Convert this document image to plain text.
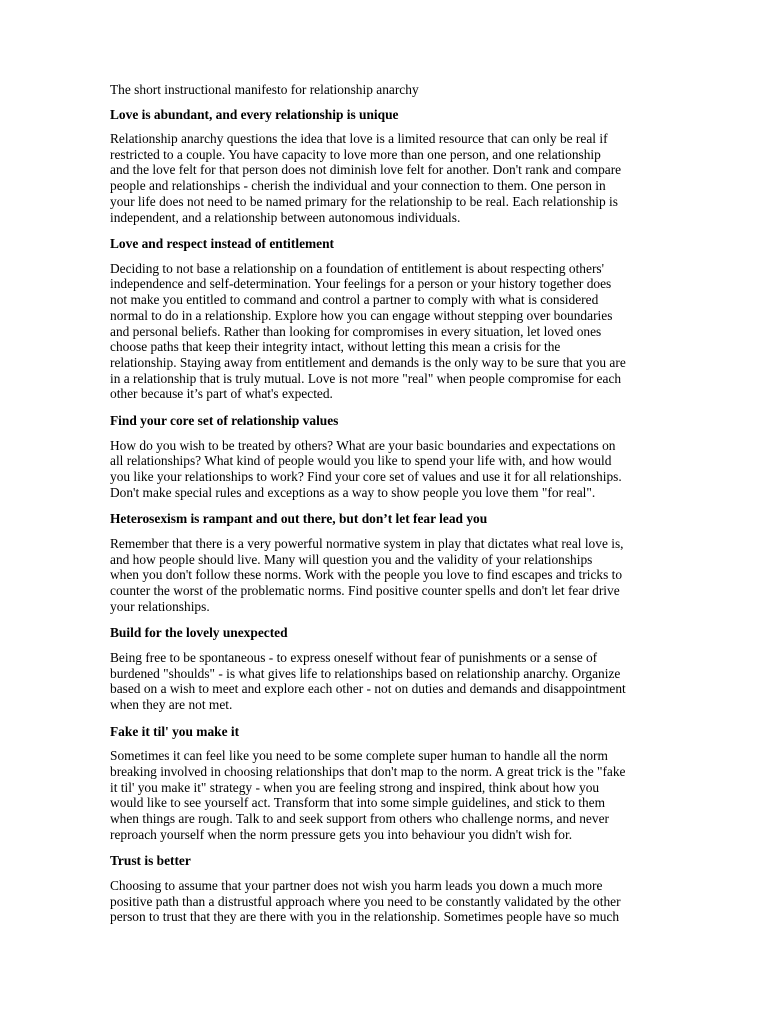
The short instructional manifesto for relationship anarchy
Love is abundant, and every relationship is unique
Relationship anarchy questions the idea that love is a limited resource that can only be real if
restricted to a couple. You have capacity to love more than one person, and one relationship
and the love felt for that person does not diminish love felt for another. Don't rank and compare
people and relationships - cherish the individual and your connection to them. One person in
your life does not need to be named primary for the relationship to be real. Each relationship is
independent, and a relationship between autonomous individuals.
Love and respect instead of entitlement
Deciding to not base a relationship on a foundation of entitlement is about respecting others'
independence and self-determination. Your feelings for a person or your history together does
not make you entitled to command and control a partner to comply with what is considered
normal to do in a relationship. Explore how you can engage without stepping over boundaries
and personal beliefs. Rather than looking for compromises in every situation, let loved ones
choose paths that keep their integrity intact, without letting this mean a crisis for the
relationship. Staying away from entitlement and demands is the only way to be sure that you are
in a relationship that is truly mutual. Love is not more "real" when people compromise for each
other because it’s part of what's expected.
Find your core set of relationship values
How do you wish to be treated by others? What are your basic boundaries and expectations on
all relationships? What kind of people would you like to spend your life with, and how would
you like your relationships to work? Find your core set of values and use it for all relationships.
Don't make special rules and exceptions as a way to show people you love them "for real".
Heterosexism is rampant and out there, but don’t let fear lead you
Remember that there is a very powerful normative system in play that dictates what real love is,
and how people should live. Many will question you and the validity of your relationships
when you don't follow these norms. Work with the people you love to find escapes and tricks to
counter the worst of the problematic norms. Find positive counter spells and don't let fear drive
your relationships.
Build for the lovely unexpected
Being free to be spontaneous - to express oneself without fear of punishments or a sense of
burdened "shoulds" - is what gives life to relationships based on relationship anarchy. Organize
based on a wish to meet and explore each other - not on duties and demands and disappointment
when they are not met.
Fake it til' you make it
Sometimes it can feel like you need to be some complete super human to handle all the norm
breaking involved in choosing relationships that don't map to the norm. A great trick is the "fake
it til' you make it" strategy - when you are feeling strong and inspired, think about how you
would like to see yourself act. Transform that into some simple guidelines, and stick to them
when things are rough. Talk to and seek support from others who challenge norms, and never
reproach yourself when the norm pressure gets you into behaviour you didn't wish for.
Trust is better
Choosing to assume that your partner does not wish you harm leads you down a much more
positive path than a distrustful approach where you need to be constantly validated by the other
person to trust that they are there with you in the relationship. Sometimes people have so much
